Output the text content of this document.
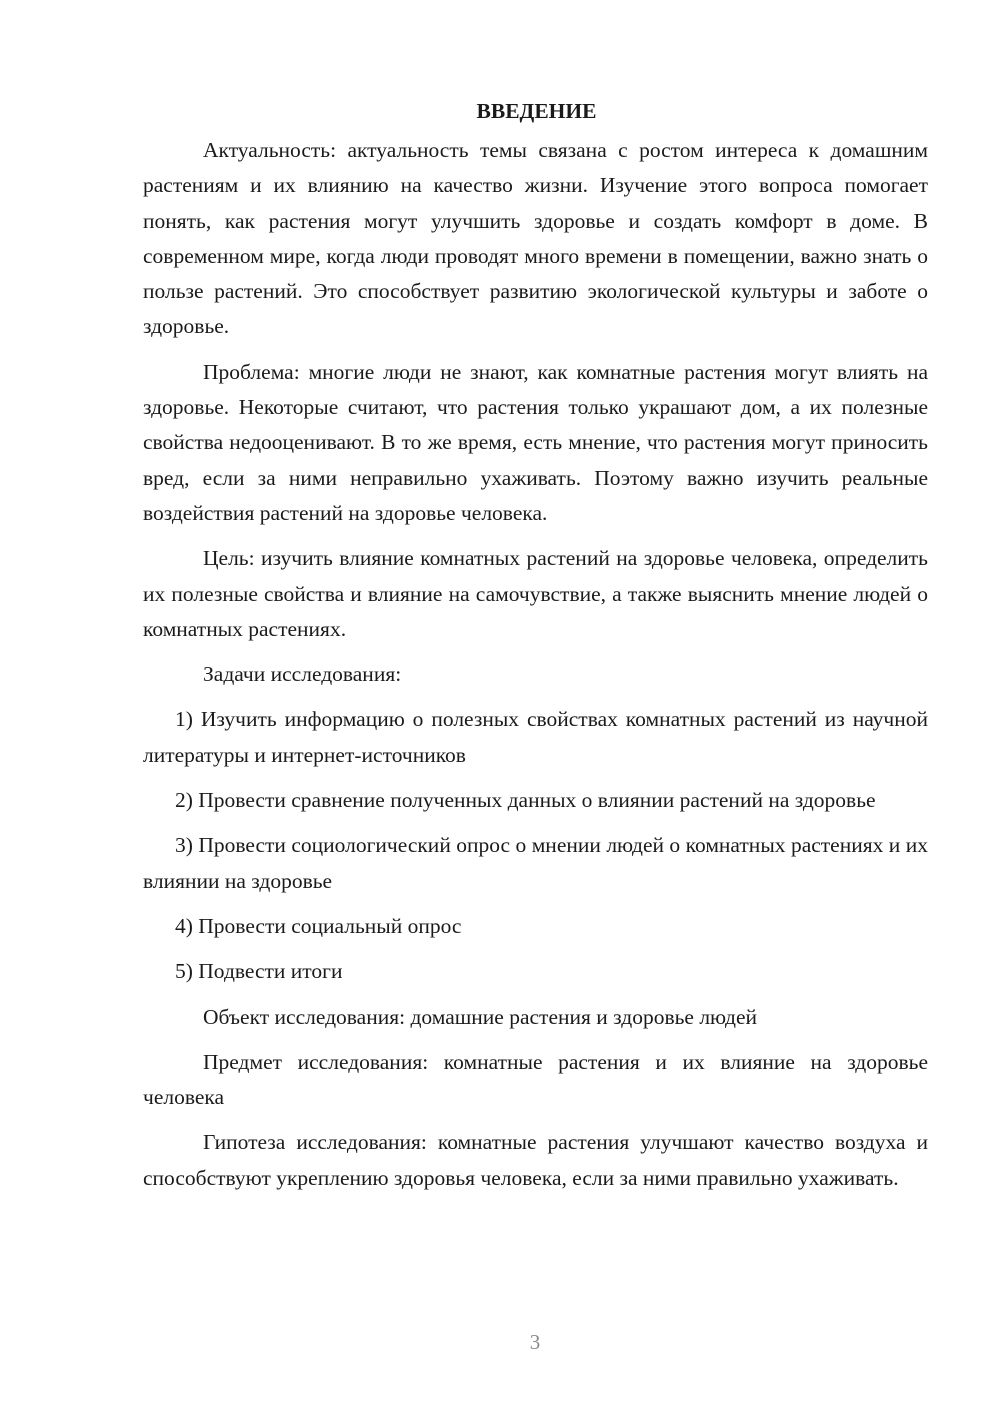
ВВЕДЕНИЕ

Актуальность: актуальность темы связана с ростом интереса к домашним растениям и их влиянию на качество жизни. Изучение этого вопроса помогает понять, как растения могут улучшить здоровье и создать комфорт в доме. В современном мире, когда люди проводят много времени в помещении, важно знать о пользе растений. Это способствует развитию экологической культуры и заботе о здоровье.

Проблема: многие люди не знают, как комнатные растения могут влиять на здоровье. Некоторые считают, что растения только украшают дом, а их полезные свойства недооценивают. В то же время, есть мнение, что растения могут приносить вред, если за ними неправильно ухаживать. Поэтому важно изучить реальные воздействия растений на здоровье человека.

Цель: изучить влияние комнатных растений на здоровье человека, определить их полезные свойства и влияние на самочувствие, а также выяснить мнение людей о комнатных растениях.

Задачи исследования:

1) Изучить информацию о полезных свойствах комнатных растений из научной литературы и интернет-источников

2) Провести сравнение полученных данных о влиянии растений на здоровье

3) Провести социологический опрос о мнении людей о комнатных растениях и их влиянии на здоровье

4) Провести социальный опрос

5) Подвести итоги

Объект исследования: домашние растения и здоровье людей

Предмет исследования: комнатные растения и их влияние на здоровье человека

Гипотеза исследования: комнатные растения улучшают качество воздуха и способствуют укреплению здоровья человека, если за ними правильно ухаживать.

3
